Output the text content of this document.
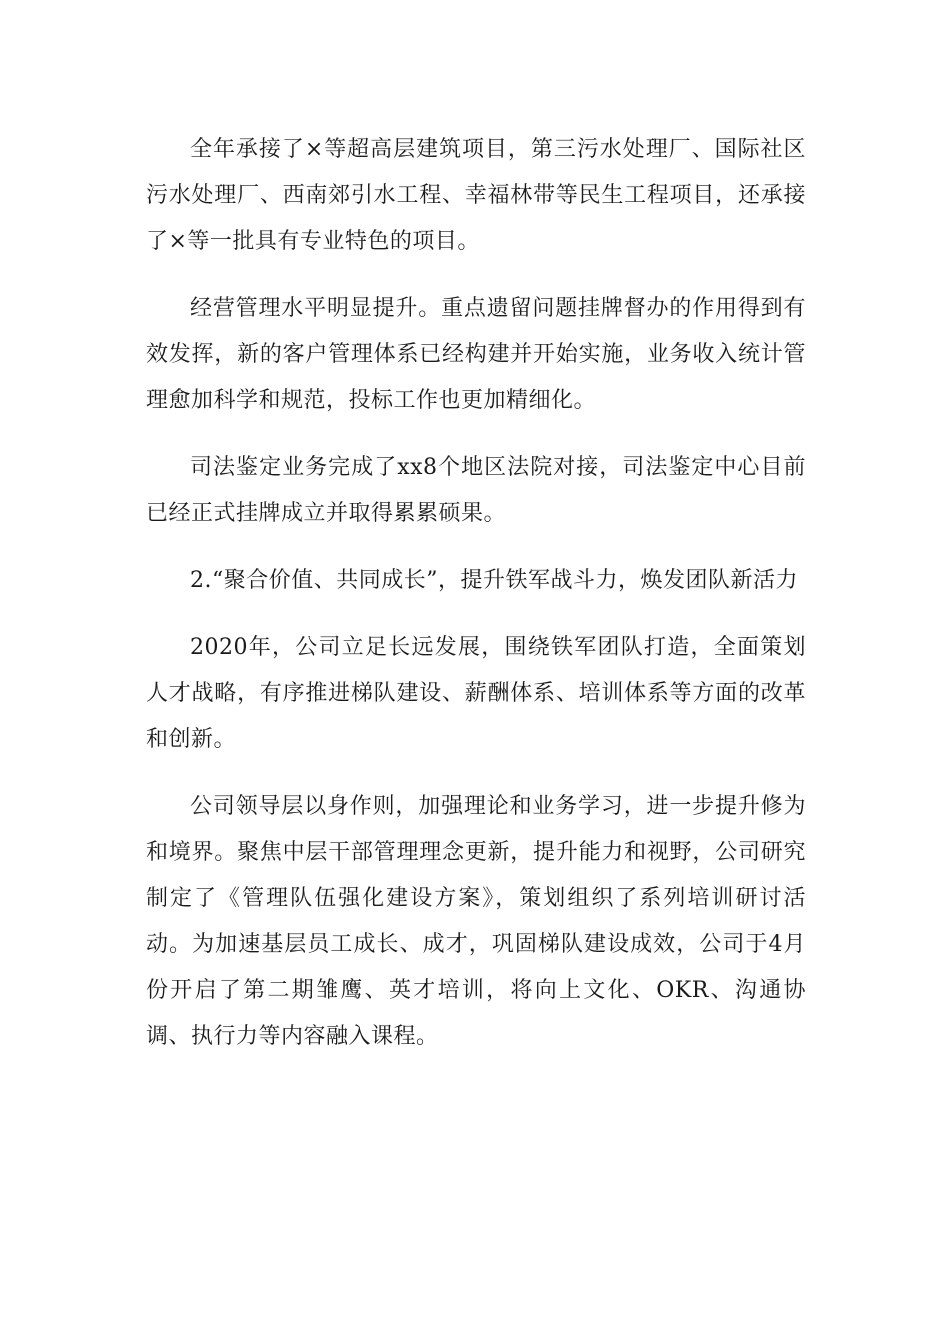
全年承接了×等超高层建筑项目，第三污水处理厂、国际社区污水处理厂、西南郊引水工程、幸福林带等民生工程项目，还承接了×等一批具有专业特色的项目。

经营管理水平明显提升。重点遗留问题挂牌督办的作用得到有效发挥，新的客户管理体系已经构建并开始实施，业务收入统计管理愈加科学和规范，投标工作也更加精细化。

司法鉴定业务完成了xx8个地区法院对接，司法鉴定中心目前已经正式挂牌成立并取得累累硕果。

2.“聚合价值、共同成长”，提升铁军战斗力，焕发团队新活力

2020年，公司立足长远发展，围绕铁军团队打造，全面策划人才战略，有序推进梯队建设、薪酬体系、培训体系等方面的改革和创新。

公司领导层以身作则，加强理论和业务学习，进一步提升修为和境界。聚焦中层干部管理理念更新，提升能力和视野，公司研究制定了《管理队伍强化建设方案》，策划组织了系列培训研讨活动。为加速基层员工成长、成才，巩固梯队建设成效，公司于4月份开启了第二期雏鹰、英才培训，将向上文化、OKR、沟通协调、执行力等内容融入课程。
